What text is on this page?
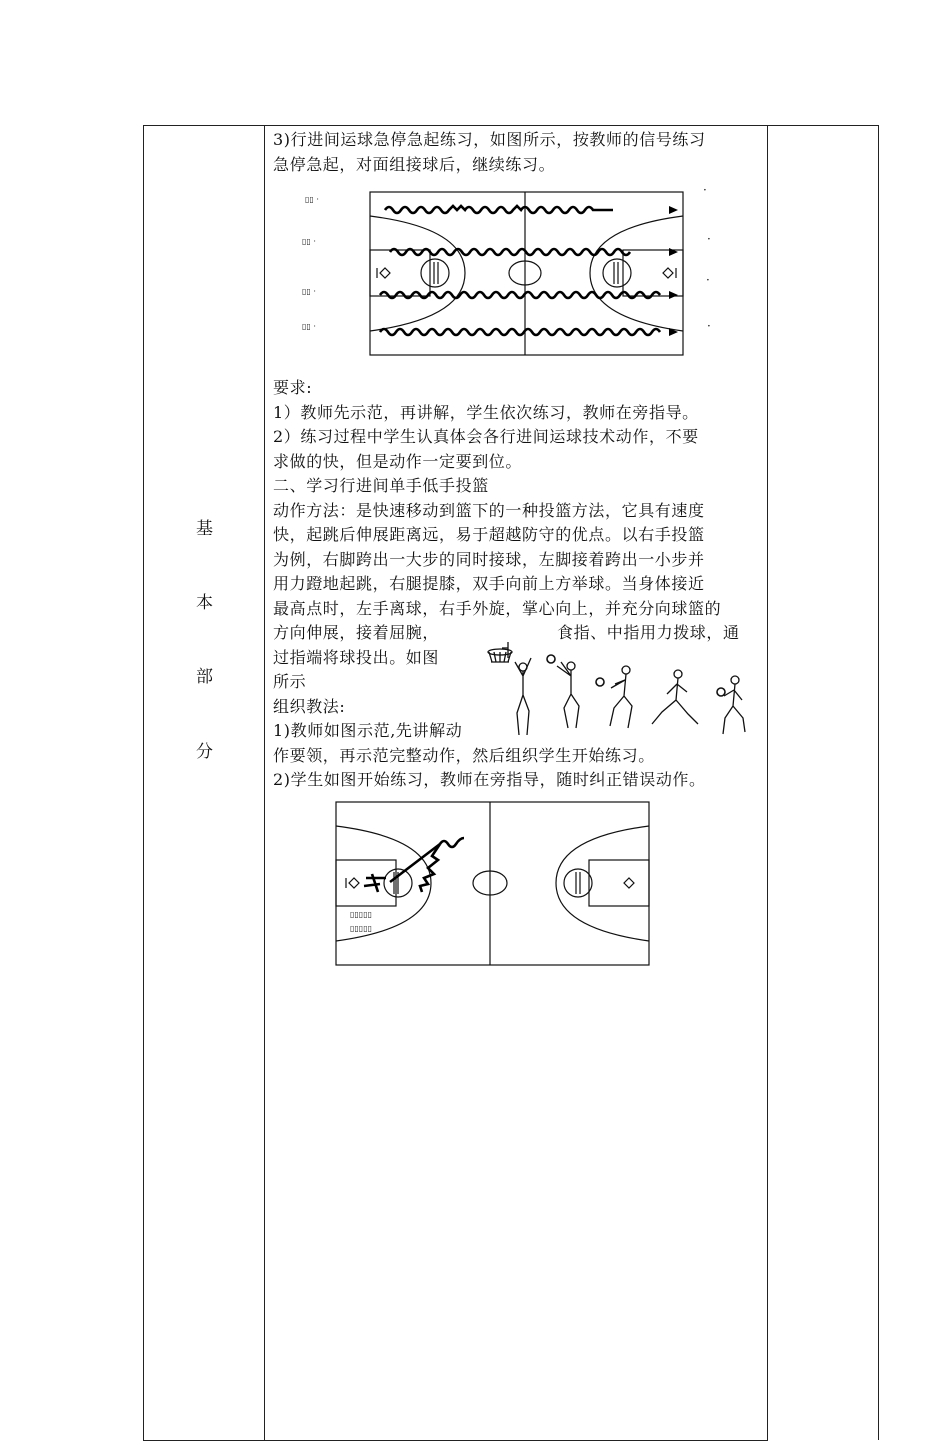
基
本
部
分
3)行进间运球急停急起练习，如图所示，按教师的信号练习
急停急起，对面组接球后，继续练习。
▯▯ ·
▯▯ ·
▯▯ ·
▯▯ ·
·
·
·
·
要求:
1）教师先示范，再讲解，学生依次练习，教师在旁指导。
2）练习过程中学生认真体会各行进间运球技术动作，不要
求做的快，但是动作一定要到位。
二、学习行进间单手低手投篮
动作方法：是快速移动到篮下的一种投篮方法，它具有速度
快，起跳后伸展距离远，易于超越防守的优点。以右手投篮
为例，右脚跨出一大步的同时接球，左脚接着跨出一小步并
用力蹬地起跳，右腿提膝，双手向前上方举球。当身体接近
最高点时，左手离球，右手外旋，掌心向上，并充分向球篮的
方向伸展，接着屈腕，	食指、中指用力拨球，通
过指端将球投出。如图
所示
组织教法:
1)教师如图示范,先讲解动
作要领，再示范完整动作，然后组织学生开始练习。
2)学生如图开始练习，教师在旁指导，随时纠正错误动作。
▯▯▯▯▯
▯▯▯▯▯
